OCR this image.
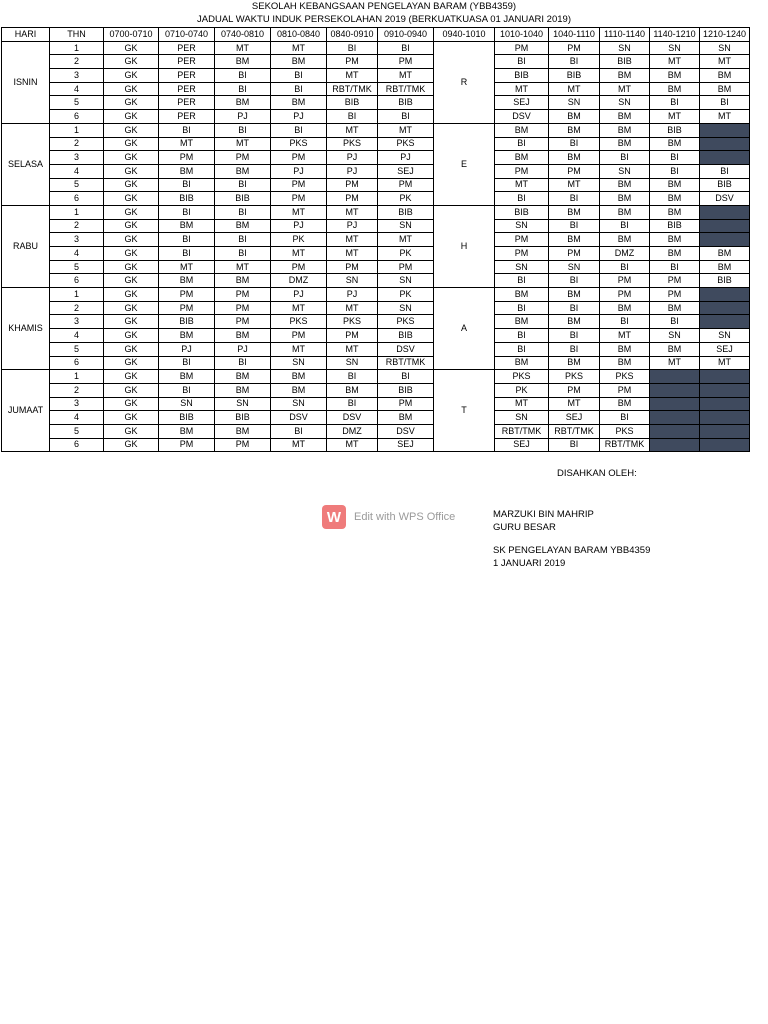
SEKOLAH KEBANGSAAN PENGELAYAN BARAM (YBB4359)
JADUAL WAKTU INDUK PERSEKOLAHAN 2019 (BERKUATKUASA 01 JANUARI 2019)
HARI	THN	0700-0710	0710-0740	0740-0810	0810-0840	0840-0910	0910-0940	0940-1010	1010-1040	1040-1110	1110-1140	1140-1210	1210-1240
ISNIN	1	GK	PER	MT	MT	BI	BI	R	PM	PM	SN	SN	SN
	2	GK	PER	BM	BM	PM	PM		BI	BI	BIB	MT	MT
	3	GK	PER	BI	BI	MT	MT		BIB	BIB	BM	BM	BM
	4	GK	PER	BI	BI	RBT/TMK	RBT/TMK		MT	MT	MT	BM	BM
	5	GK	PER	BM	BM	BIB	BIB		SEJ	SN	SN	BI	BI
	6	GK	PER	PJ	PJ	BI	BI		DSV	BM	BM	MT	MT
SELASA	1	GK	BI	BI	BI	MT	MT	E	BM	BM	BM	BIB	
	2	GK	MT	MT	PKS	PKS	PKS		BI	BI	BM	BM	
	3	GK	PM	PM	PM	PJ	PJ		BM	BM	BI	BI	
	4	GK	BM	BM	PJ	PJ	SEJ		PM	PM	SN	BI	BI
	5	GK	BI	BI	PM	PM	PM		MT	MT	BM	BM	BIB
	6	GK	BIB	BIB	PM	PM	PK		BI	BI	BM	BM	DSV
RABU	1	GK	BI	BI	MT	MT	BIB	H	BIB	BM	BM	BM	
	2	GK	BM	BM	PJ	PJ	SN		SN	BI	BI	BIB	
	3	GK	BI	BI	PK	MT	MT		PM	BM	BM	BM	
	4	GK	BI	BI	MT	MT	PK		PM	PM	DMZ	BM	BM
	5	GK	MT	MT	PM	PM	PM		SN	SN	BI	BI	BM
	6	GK	BM	BM	DMZ	SN	SN		BI	BI	PM	PM	BIB
KHAMIS	1	GK	PM	PM	PJ	PJ	PK	A	BM	BM	PM	PM	
	2	GK	PM	PM	MT	MT	SN		BI	BI	BM	BM	
	3	GK	BIB	PM	PKS	PKS	PKS		BM	BM	BI	BI	
	4	GK	BM	BM	PM	PM	BIB		BI	BI	MT	SN	SN
	5	GK	PJ	PJ	MT	MT	DSV		BI	BI	BM	BM	SEJ
	6	GK	BI	BI	SN	SN	RBT/TMK		BM	BM	BM	MT	MT
JUMAAT	1	GK	BM	BM	BM	BI	BI	T	PKS	PKS	PKS		
	2	GK	BI	BM	BM	BM	BIB		PK	PM	PM		
	3	GK	SN	SN	SN	BI	PM		MT	MT	BM		
	4	GK	BIB	BIB	DSV	DSV	BM		SN	SEJ	BI		
	5	GK	BM	BM	BI	DMZ	DSV		RBT/TMK	RBT/TMK	PKS		
	6	GK	PM	PM	MT	MT	SEJ		SEJ	BI	RBT/TMK		
DISAHKAN OLEH:
MARZUKI BIN MAHRIP
GURU BESAR
SK PENGELAYAN BARAM YBB4359
1 JANUARI 2019
W	Edit with WPS Office
